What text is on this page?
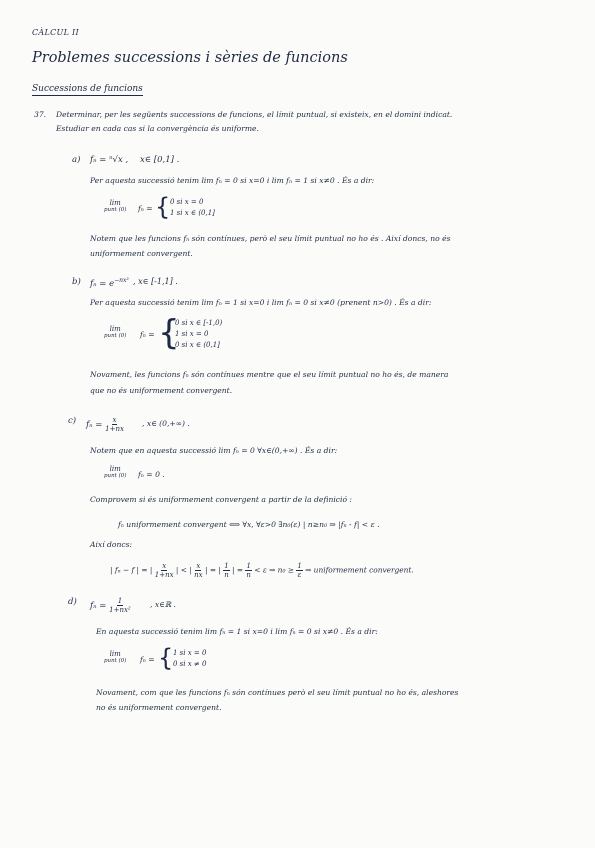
CÀLCUL II
Problemes successions i sèries de funcions
Successions de funcions
37. Determinar, per les següents successions de funcions, el límit puntual, si existeix, en el domini indicat.
Estudiar en cada cas si la convergència és uniforme.
a) fₙ = ⁿ√x , x∈ [0,1] .
Per aquesta successió tenim lim fₙ = 0 si x=0 i lim fₙ = 1 si x≠0 . És a dir:
lim
punt (0) fₙ = { 0 si x = 0
1 si x ∈ (0,1]
Notem que les funcions fₙ són contínues, però el seu límit puntual no ho és . Així doncs, no és
uniformement convergent.
b) $f_n = e^{-nx^2}$ , x∈ [-1,1] .
Per aquesta successió tenim lim fₙ = 1 si x=0 i lim fₙ = 0 si x≠0 (prenent n>0) . És a dir:
lim
punt (0) fₙ = {
0 si x ∈ [-1,0)
1 si x = 0
0 si x ∈ (0,1]
Novament, les funcions fₙ són contínues mentre que el seu límit puntual no ho és, de manera
que no és uniformement convergent.
c) $f_n = \frac{x}{1+nx}$ , x∈ (0,+∞) .
Notem que en aquesta successió lim fₙ = 0 ∀x∈(0,+∞) . És a dir:
lim
punt (0) fₙ = 0 .
Comprovem si és uniformement convergent a partir de la definició :
fₙ uniformement convergent ⟺ ∀x, ∀ε>0 ∃n₀(ε) | n≥n₀ ⇒ |fₙ - f| < ε .
Així doncs:
| fₙ − f | = | $\frac{x}{1+nx}$ | < | $\frac{x}{nx}$ | = | $\frac{1}{n}$ | = $\frac{1}{n} < \varepsilon$ ⇒ $n_0 \ge \frac{1}{\varepsilon}$ ⇒ uniformement convergent.
d) $f_n = \frac{1}{\text{1+nx²}}$	, x∈ℝ .
En aquesta successió tenim lim fₙ = 1 si x=0 i lim fₙ = 0 si x≠0 . És a dir:
lim
punt (0) fₙ = { 1 si x = 0
0 si x ≠ 0
Novament, com que les funcions fₙ són contínues però el seu límit puntual no ho és, aleshores
no és uniformement convergent.
